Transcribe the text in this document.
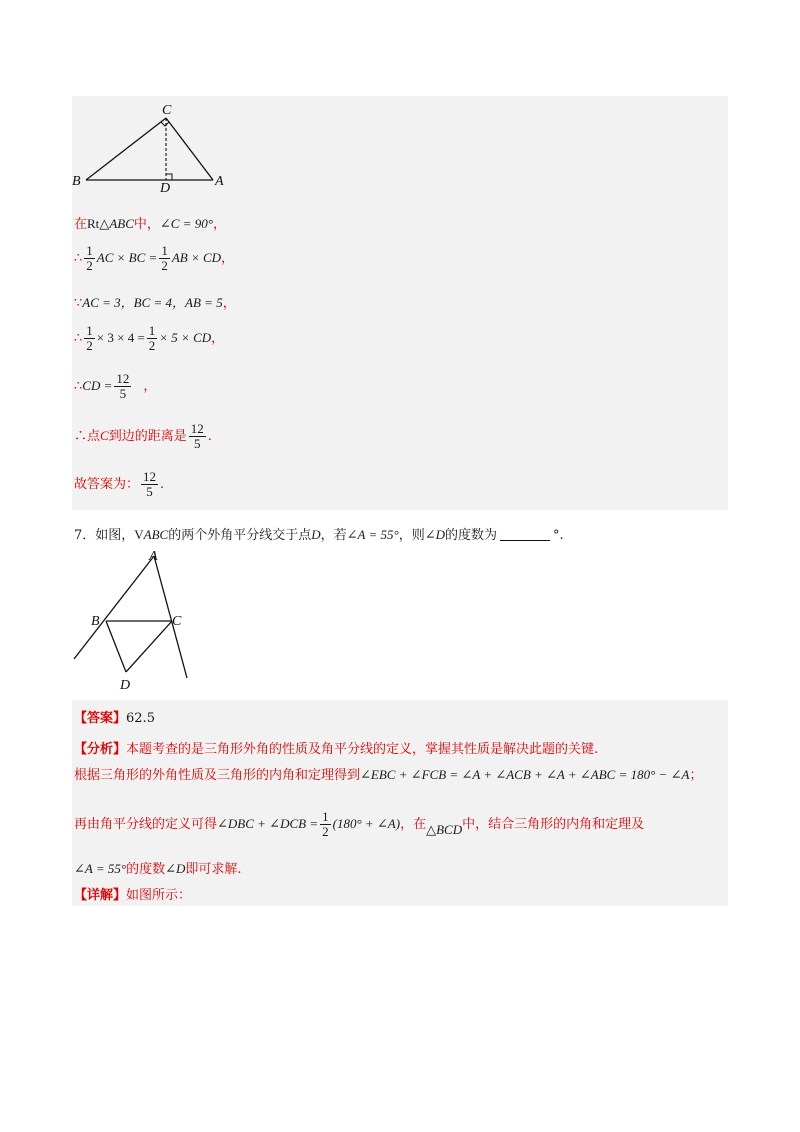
C
B	D	A
在Rt△ABC中，∠C = 90°，
∴ $\frac{1}{2}$ AC × BC = $\frac{1}{2}$ AB × CD，
∵AC = 3，BC = 4，AB = 5，
∴ $\frac{1}{2} \times 3 \times 4 = \frac{1}{2} \times 5$ × CD，
∴CD = $\frac{12}{5}$ ，
∴点C到边的距离是 $\frac{12}{5}$ .
故答案为： $\frac{12}{5}$ .
7．如图，VABC的两个外角平分线交于点D，若∠A = 55°，则∠D的度数为	°.
A
B	C
D
【答案】62.5
【分析】本题考查的是三角形外角的性质及角平分线的定义，掌握其性质是解决此题的关键.
根据三角形的外角性质及三角形的内角和定理得到∠EBC + ∠FCB = ∠A + ∠ACB + ∠A + ∠ABC = 180° − ∠A；
再由角平分线的定义可得∠DBC + ∠DCB = $\frac{1}{2} (180^\circ$ + ∠A)，在△BCD中，结合三角形的内角和定理及
∠A = 55°的度数∠D即可求解.
【详解】如图所示：
